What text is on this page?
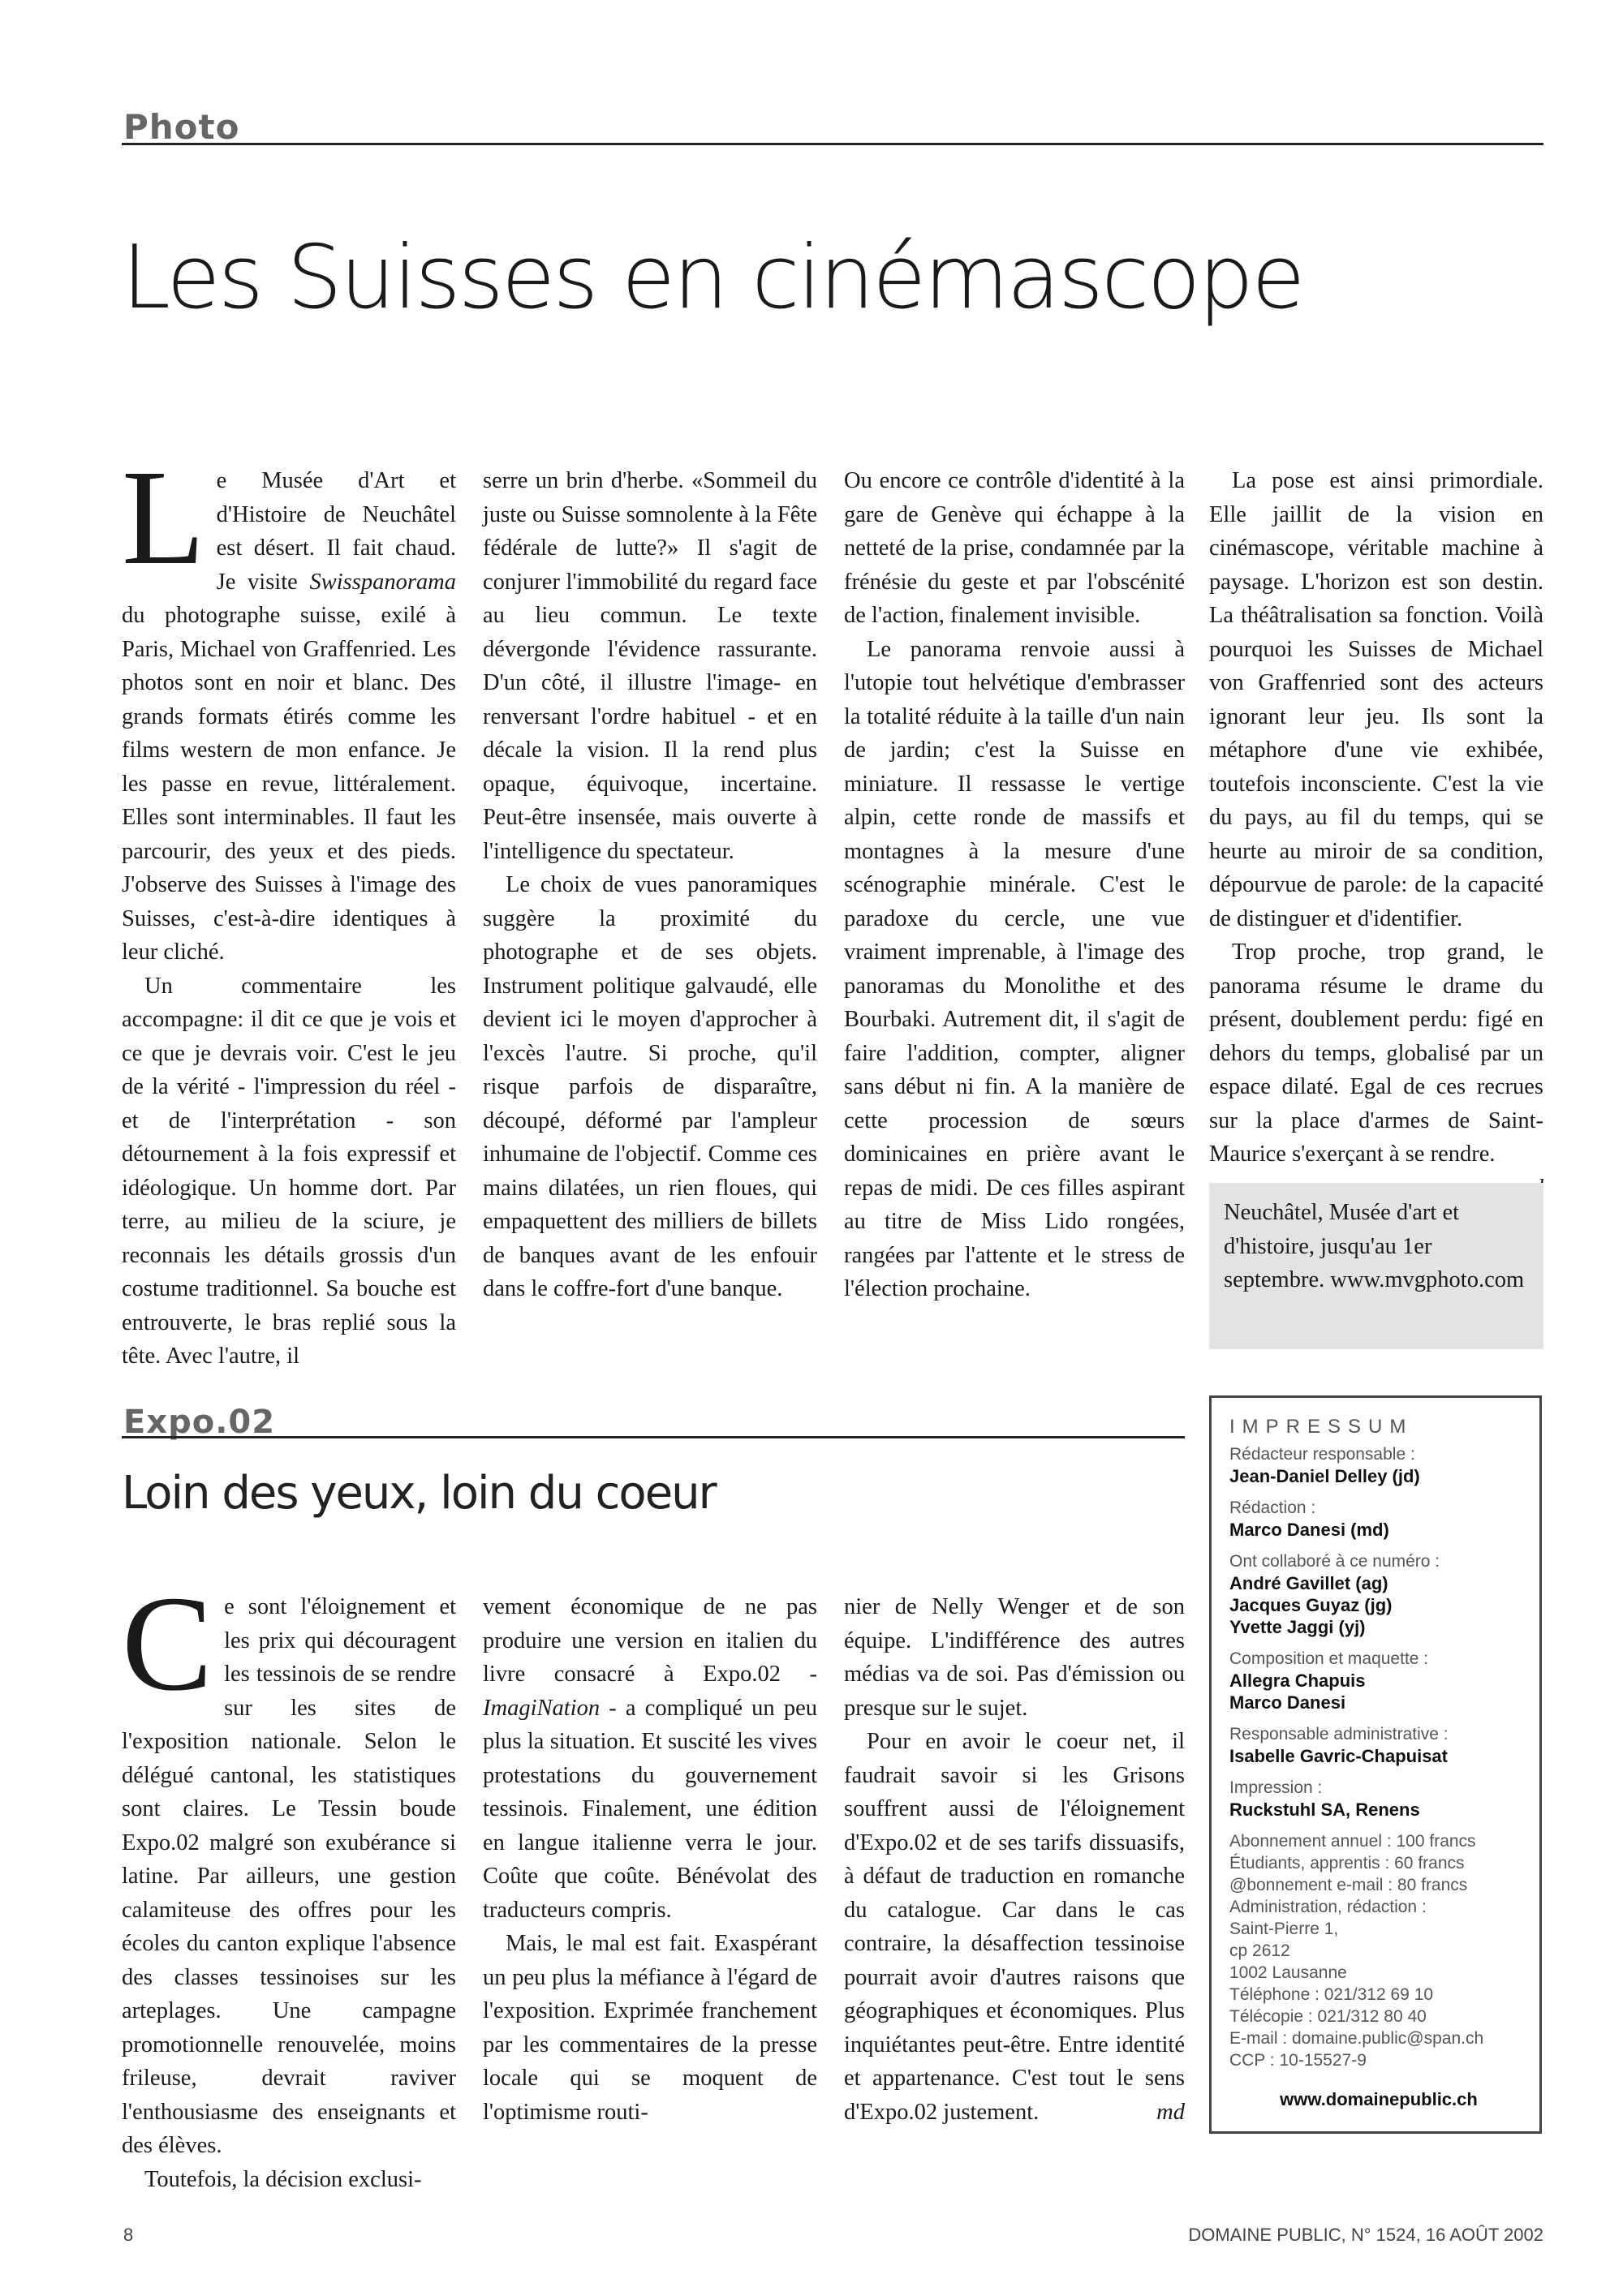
Photo
Les Suisses en cinémascope

Le Musée d'Art et d'Histoire de Neuchâtel est désert. Il fait chaud. Je visite Swisspanorama du photographe suisse, exilé à Paris, Michael von Graffenried. Les photos sont en noir et blanc. Des grands formats étirés comme les films western de mon enfance. Je les passe en revue, littéralement. Elles sont interminables. Il faut les parcourir, des yeux et des pieds. J'observe des Suisses à l'image des Suisses, c'est-à-dire identiques à leur cliché.

Un commentaire les accompagne: il dit ce que je vois et ce que je devrais voir. C'est le jeu de la vérité - l'impression du réel - et de l'interprétation - son détournement à la fois expressif et idéologique. Un homme dort. Par terre, au milieu de la sciure, je reconnais les détails grossis d'un costume traditionnel. Sa bouche est entrouverte, le bras replié sous la tête. Avec l'autre, il

serre un brin d'herbe. «Sommeil du juste ou Suisse somnolente à la Fête fédérale de lutte?» Il s'agit de conjurer l'immobilité du regard face au lieu commun. Le texte dévergonde l'évidence rassurante. D'un côté, il illustre l'image- en renversant l'ordre habituel - et en décale la vision. Il la rend plus opaque, équivoque, incertaine. Peut-être insensée, mais ouverte à l'intelligence du spectateur.

Le choix de vues panoramiques suggère la proximité du photographe et de ses objets. Instrument politique galvaudé, elle devient ici le moyen d'approcher à l'excès l'autre. Si proche, qu'il risque parfois de disparaître, découpé, déformé par l'ampleur inhumaine de l'objectif. Comme ces mains dilatées, un rien floues, qui empaquettent des milliers de billets de banques avant de les enfouir dans le coffre-fort d'une banque.

Ou encore ce contrôle d'identité à la gare de Genève qui échappe à la netteté de la prise, condamnée par la frénésie du geste et par l'obscénité de l'action, finalement invisible.

Le panorama renvoie aussi à l'utopie tout helvétique d'embrasser la totalité réduite à la taille d'un nain de jardin; c'est la Suisse en miniature. Il ressasse le vertige alpin, cette ronde de massifs et montagnes à la mesure d'une scénographie minérale. C'est le paradoxe du cercle, une vue vraiment imprenable, à l'image des panoramas du Monolithe et des Bourbaki. Autrement dit, il s'agit de faire l'addition, compter, aligner sans début ni fin. A la manière de cette procession de sœurs dominicaines en prière avant le repas de midi. De ces filles aspirant au titre de Miss Lido rongées, rangées par l'attente et le stress de l'élection prochaine.

La pose est ainsi primordiale. Elle jaillit de la vision en cinémascope, véritable machine à paysage. L'horizon est son destin. La théâtralisation sa fonction. Voilà pourquoi les Suisses de Michael von Graffenried sont des acteurs ignorant leur jeu. Ils sont la métaphore d'une vie exhibée, toutefois inconsciente. C'est la vie du pays, au fil du temps, qui se heurte au miroir de sa condition, dépourvue de parole: de la capacité de distinguer et d'identifier.

Trop proche, trop grand, le panorama résume le drame du présent, doublement perdu: figé en dehors du temps, globalisé par un espace dilaté. Egal de ces recrues sur la place d'armes de Saint-Maurice s'exerçant à se rendre.

Neuchâtel, Musée d'art et d'histoire, jusqu'au 1er septembre. www.mvgphoto.com
Expo.02
Loin des yeux, loin du coeur

Ce sont l'éloignement et les prix qui découragent les tessinois de se rendre sur les sites de l'exposition nationale. Selon le délégué cantonal, les statistiques sont claires. Le Tessin boude Expo.02 malgré son exubérance si latine. Par ailleurs, une gestion calamiteuse des offres pour les écoles du canton explique l'absence des classes tessinoises sur les arteplages. Une campagne promotionnelle renouvelée, moins frileuse, devrait raviver l'enthousiasme des enseignants et des élèves.

Toutefois, la décision exclusi-

vement économique de ne pas produire une version en italien du livre consacré à Expo.02 - ImagiNation - a compliqué un peu plus la situation. Et suscité les vives protestations du gouvernement tessinois. Finalement, une édition en langue italienne verra le jour. Coûte que coûte. Bénévolat des traducteurs compris.

Mais, le mal est fait. Exaspérant un peu plus la méfiance à l'égard de l'exposition. Exprimée franchement par les commentaires de la presse locale qui se moquent de l'optimisme routi-

nier de Nelly Wenger et de son équipe. L'indifférence des autres médias va de soi. Pas d'émission ou presque sur le sujet.

Pour en avoir le coeur net, il faudrait savoir si les Grisons souffrent aussi de l'éloignement d'Expo.02 et de ses tarifs dissuasifs, à défaut de traduction en romanche du catalogue. Car dans le cas contraire, la désaffection tessinoise pourrait avoir d'autres raisons que géographiques et économiques. Plus inquiétantes peut-être. Entre identité et appartenance. C'est tout le sens d'Expo.02 justement.	md

IMPRESSUM
Rédacteur responsable :
Jean-Daniel Delley (jd)
Rédaction :
Marco Danesi (md)
Ont collaboré à ce numéro :
André Gavillet (ag)
Jacques Guyaz (jg)
Yvette Jaggi (yj)
Composition et maquette :
Allegra Chapuis
Marco Danesi
Responsable administrative :
Isabelle Gavric-Chapuisat
Impression :
Ruckstuhl SA, Renens
Abonnement annuel : 100 francs
Étudiants, apprentis : 60 francs
@bonnement e-mail : 80 francs
Administration, rédaction :
Saint-Pierre 1,
cp 2612
1002 Lausanne
Téléphone : 021/312 69 10
Télécopie : 021/312 80 40
E-mail : domaine.public@span.ch
CCP : 10-15527-9
www.domainepublic.ch
8	DOMAINE PUBLIC, N° 1524, 16 AOÛT 2002
